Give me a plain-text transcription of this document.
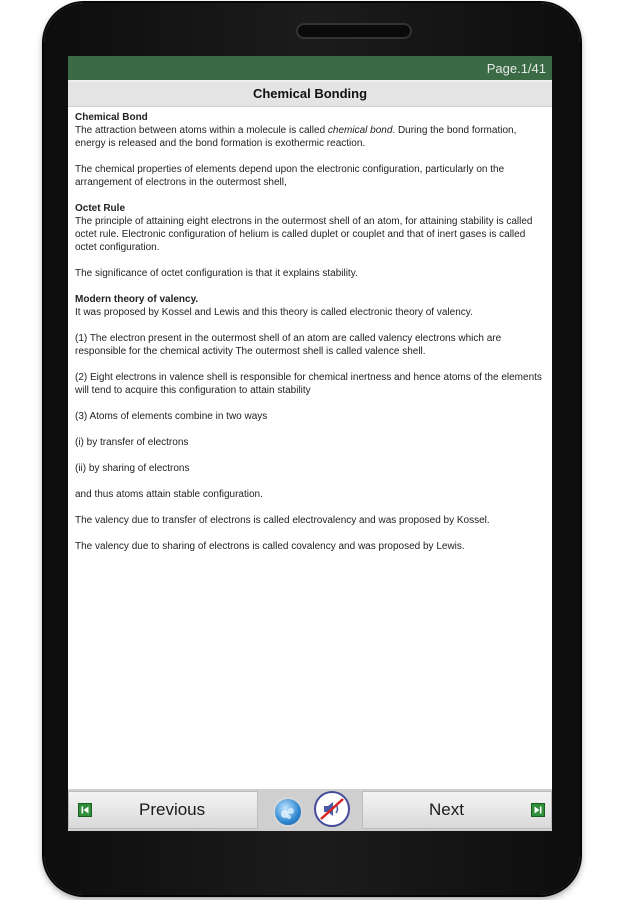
Page.1/41
Chemical Bonding
Chemical Bond

The attraction between atoms within a molecule is called chemical bond. During the bond formation, energy is released and the bond formation is exothermic reaction.

The chemical properties of elements depend upon the electronic configuration, particularly on the arrangement of electrons in the outermost shell,

Octet Rule

The principle of attaining eight electrons in the outermost shell of an atom, for attaining stability is called octet rule. Electronic configuration of helium is called duplet or couplet and that of inert gases is called octet configuration.

The significance of octet configuration is that it explains stability.

Modern theory of valency.

It was proposed by Kossel and Lewis and this theory is called electronic theory of valency.

(1) The electron present in the outermost shell of an atom are called valency electrons which are responsible for the chemical activity The outermost shell is called valence shell.

(2) Eight electrons in valence shell is responsible for chemical inertness and hence atoms of the elements will tend to acquire this configuration to attain stability

(3) Atoms of elements combine in two ways

(i) by transfer of electrons

(ii) by sharing of electrons

and thus atoms attain stable configuration.

The valency due to transfer of electrons is called electrovalency and was proposed by Kossel.

The valency due to sharing of electrons is called covalency and was proposed by Lewis.

Previous	Next
